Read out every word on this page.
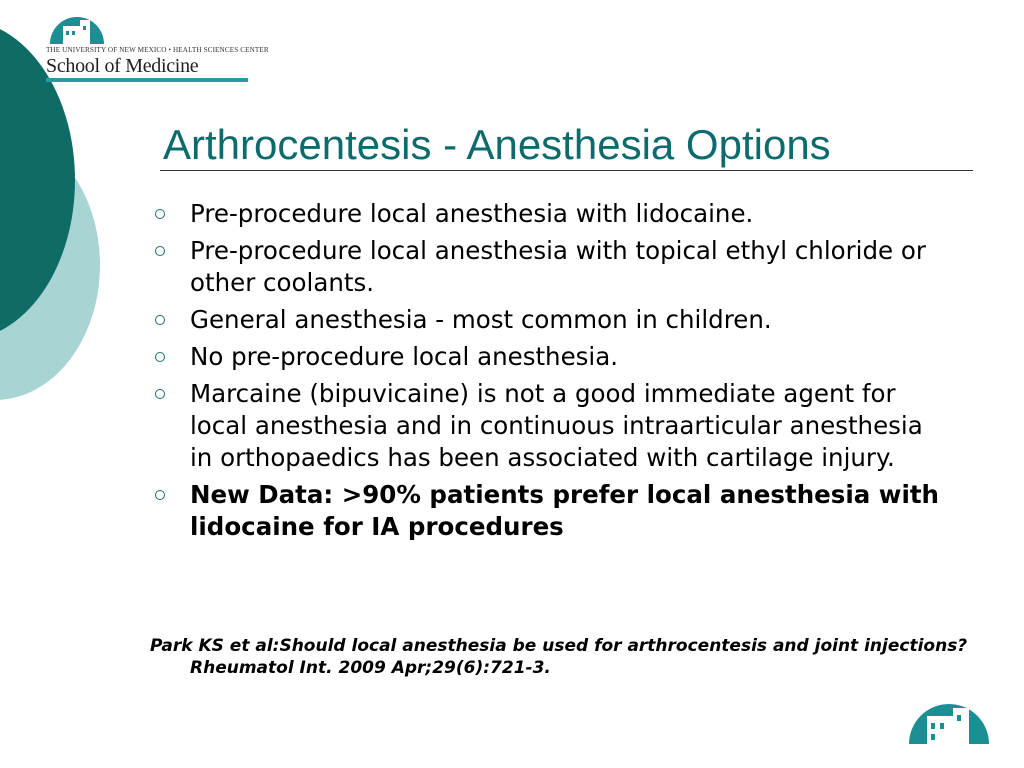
THE UNIVERSITY OF NEW MEXICO • HEALTH SCIENCES CENTER
School of Medicine
Arthrocentesis - Anesthesia Options
Pre-procedure local anesthesia with lidocaine.
Pre-procedure local anesthesia with topical ethyl chloride or other coolants.
General anesthesia - most common in children.
No pre-procedure local anesthesia.
Marcaine (bipuvicaine) is not a good immediate agent for local anesthesia and in continuous intraarticular anesthesia in orthopaedics has been associated with cartilage injury.
New Data: >90% patients prefer local anesthesia with lidocaine for IA procedures

Park KS et al:Should local anesthesia be used for arthrocentesis and joint injections? Rheumatol Int. 2009 Apr;29(6):721-3.
